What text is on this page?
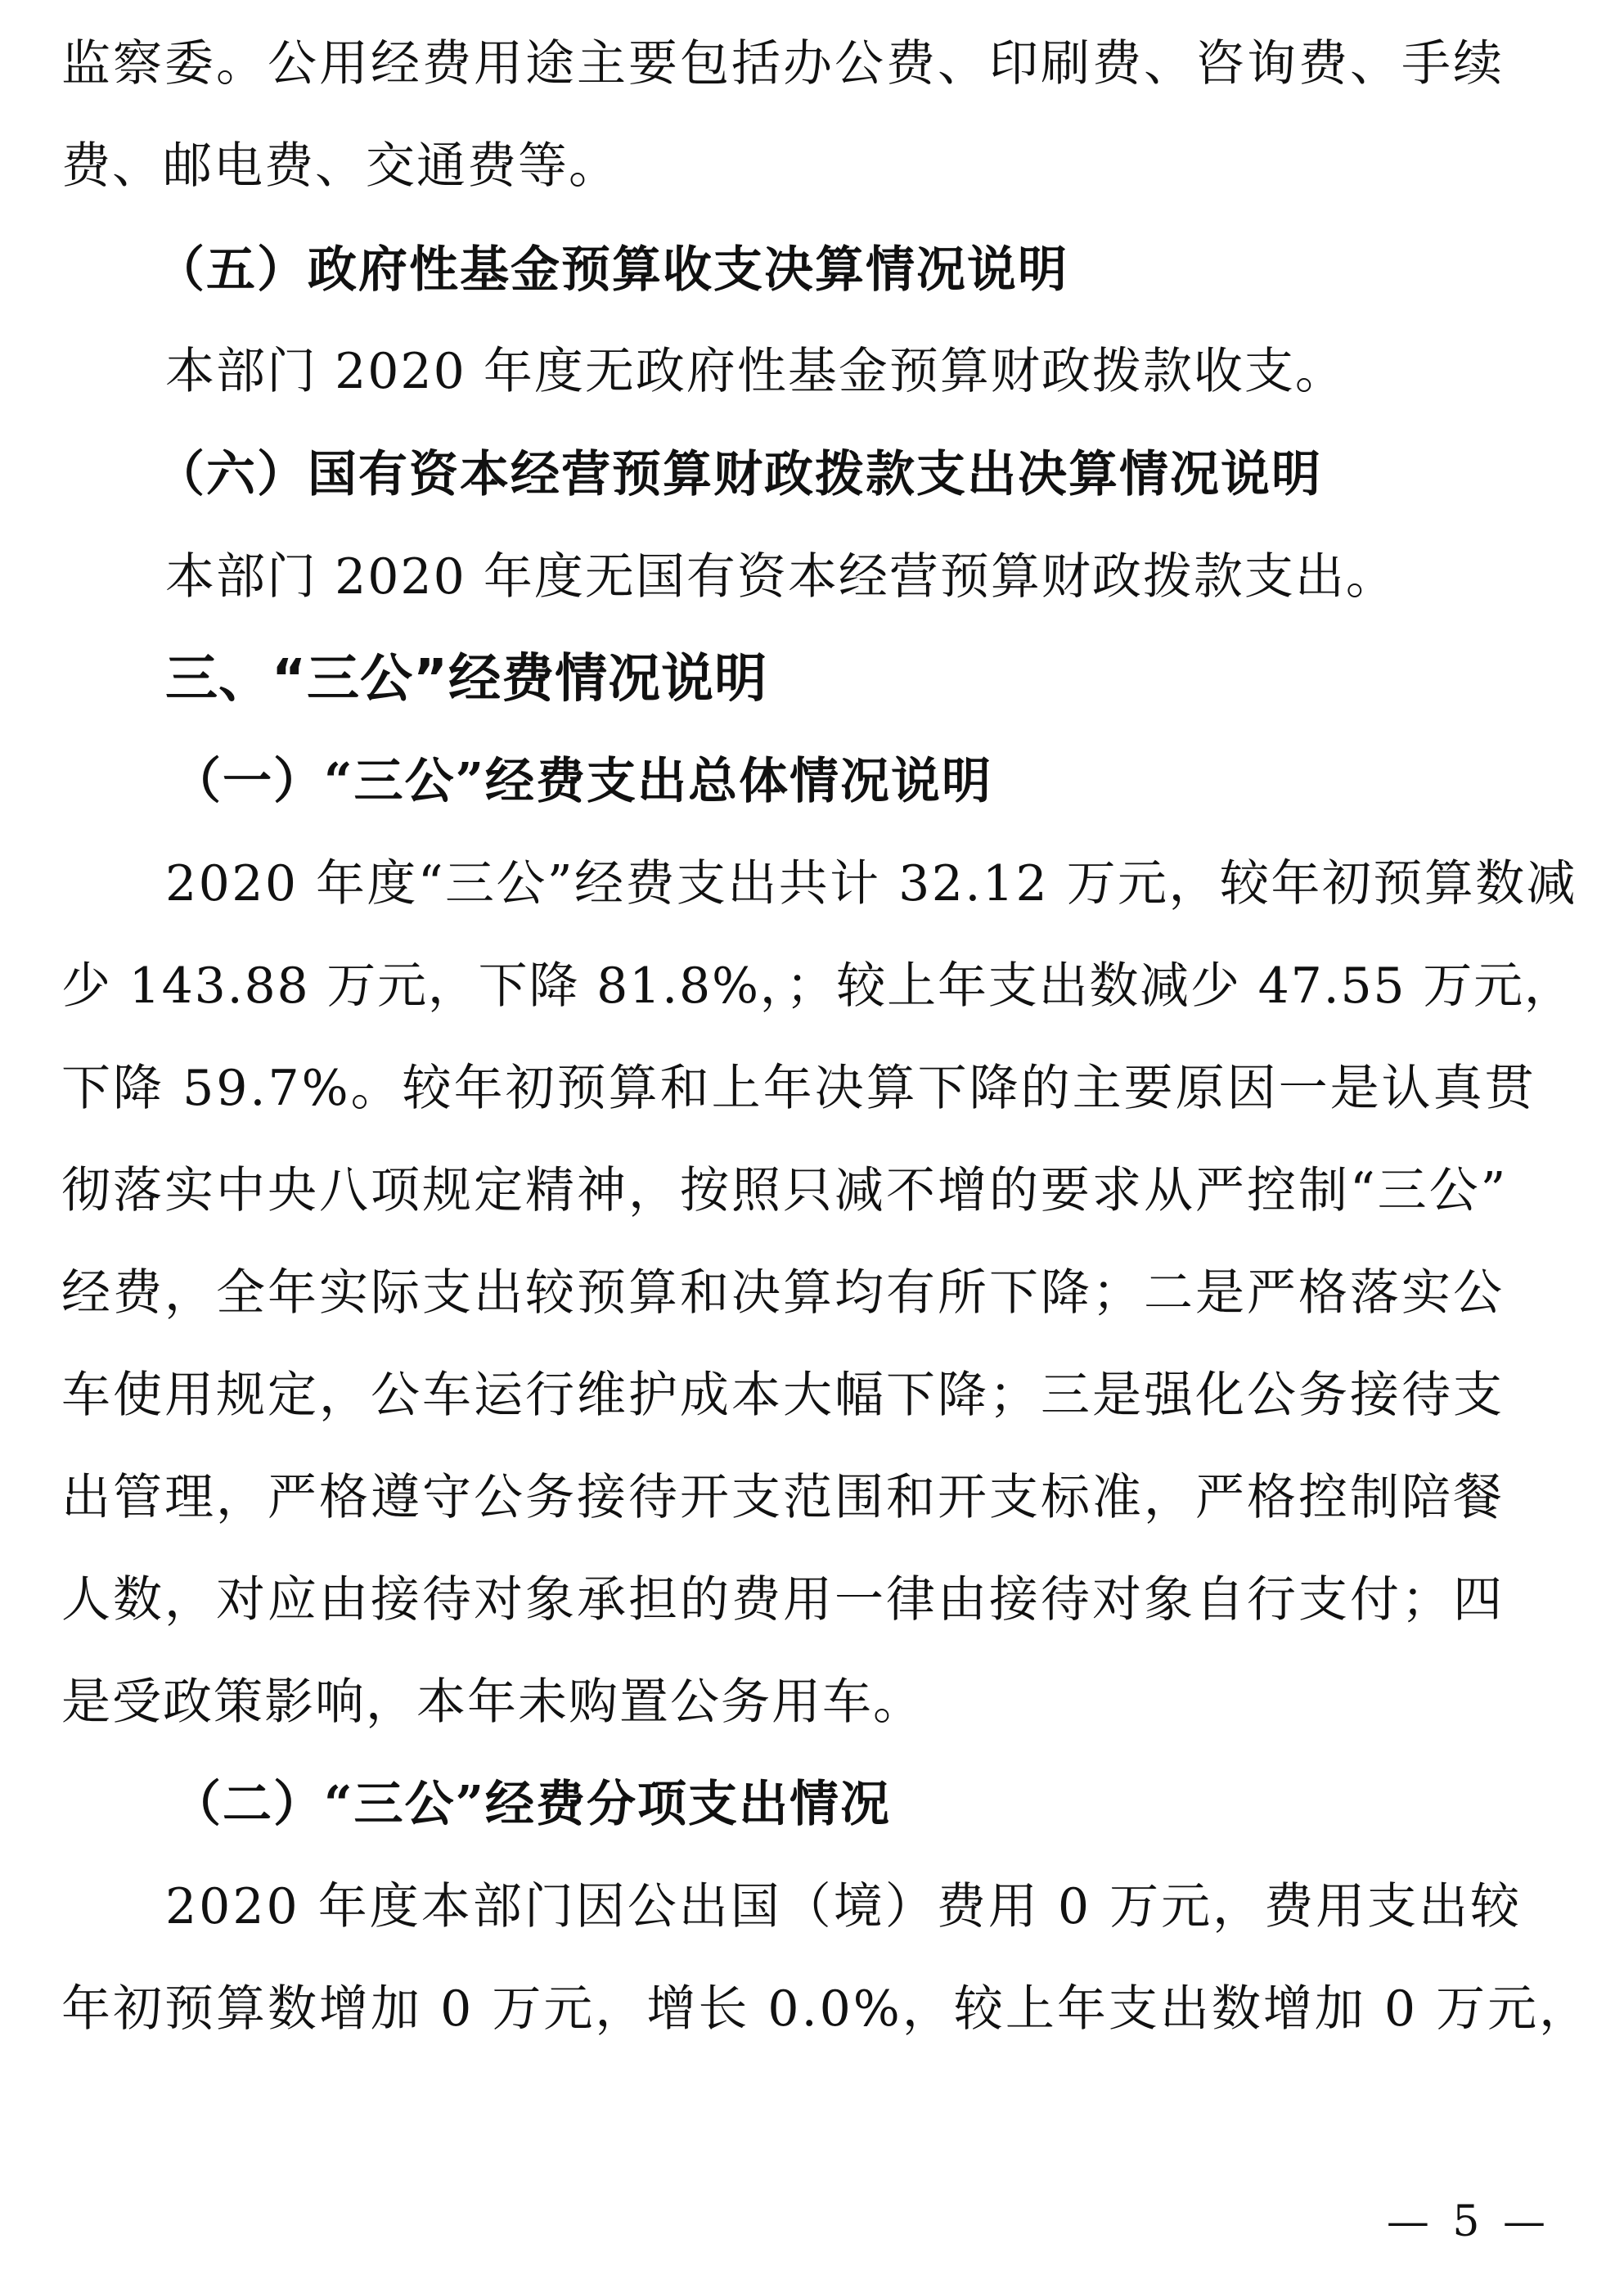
监察委。公用经费用途主要包括办公费、印刷费、咨询费、手续
费、邮电费、交通费等。
（五）政府性基金预算收支决算情况说明
本部门 2020 年度无政府性基金预算财政拨款收支。
（六）国有资本经营预算财政拨款支出决算情况说明
本部门 2020 年度无国有资本经营预算财政拨款支出。
三、“三公”经费情况说明
（一）“三公”经费支出总体情况说明
2020 年度“三公”经费支出共计 32.12 万元，较年初预算数减
少 143.88 万元，下降 81.8%，；较上年支出数减少 47.55 万元，
下降 59.7%。较年初预算和上年决算下降的主要原因一是认真贯
彻落实中央八项规定精神，按照只减不增的要求从严控制“三公”
经费，全年实际支出较预算和决算均有所下降；二是严格落实公
车使用规定，公车运行维护成本大幅下降；三是强化公务接待支
出管理，严格遵守公务接待开支范围和开支标准，严格控制陪餐
人数，对应由接待对象承担的费用一律由接待对象自行支付；四
是受政策影响，本年未购置公务用车。
（二）“三公”经费分项支出情况
2020 年度本部门因公出国（境）费用 0 万元，费用支出较
年初预算数增加 0 万元，增长 0.0%，较上年支出数增加 0 万元，
— 5 —
